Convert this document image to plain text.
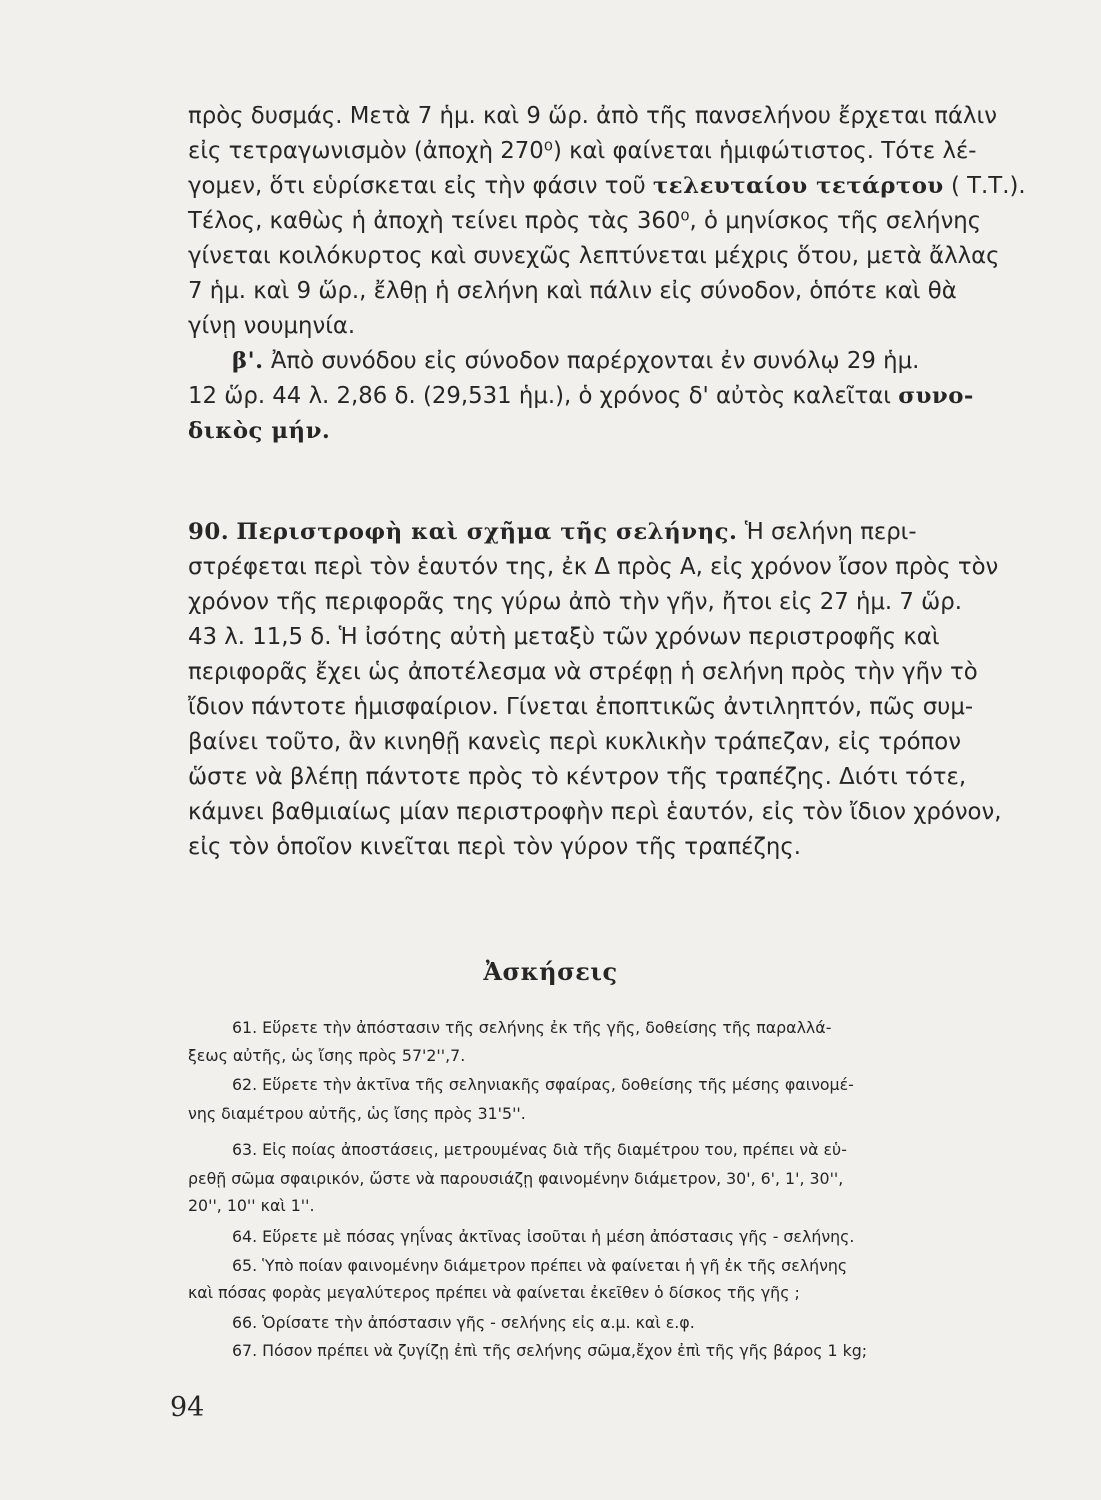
πρὸς δυσμάς. Μετὰ 7 ἡμ. καὶ 9 ὥρ. ἀπὸ τῆς πανσελήνου ἔρχεται πάλιν
εἰς τετραγωνισμὸν (ἀποχὴ 270⁰) καὶ φαίνεται ἡμιφώτιστος. Τότε λέ-
γομεν, ὅτι εὑρίσκεται εἰς τὴν φάσιν τοῦ τελευταίου τετάρτου ( Τ.Τ.).
Τέλος, καθὼς ἡ ἀποχὴ τείνει πρὸς τὰς 360⁰, ὁ μηνίσκος τῆς σελήνης
γίνεται κοιλόκυρτος καὶ συνεχῶς λεπτύνεται μέχρις ὅτου, μετὰ ἄλλας
7 ἡμ. καὶ 9 ὥρ., ἔλθῃ ἡ σελήνη καὶ πάλιν εἰς σύνοδον, ὁπότε καὶ θὰ
γίνῃ νουμηνία.
β'. Ἀπὸ συνόδου εἰς σύνοδον παρέρχονται ἐν συνόλῳ 29 ἡμ.
12 ὥρ. 44 λ. 2,86 δ. (29,531 ἡμ.), ὁ χρόνος δ' αὐτὸς καλεῖται συνο-
δικὸς μήν.
90. Περιστροφὴ καὶ σχῆμα τῆς σελήνης. Ἡ σελήνη περι-
στρέφεται περὶ τὸν ἑαυτόν της, ἐκ Δ πρὸς Α, εἰς χρόνον ἴσον πρὸς τὸν
χρόνον τῆς περιφορᾶς της γύρω ἀπὸ τὴν γῆν, ἤτοι εἰς 27 ἡμ. 7 ὥρ.
43 λ. 11,5 δ. Ἡ ἰσότης αὐτὴ μεταξὺ τῶν χρόνων περιστροφῆς καὶ
περιφορᾶς ἔχει ὡς ἀποτέλεσμα νὰ στρέφῃ ἡ σελήνη πρὸς τὴν γῆν τὸ
ἴδιον πάντοτε ἡμισφαίριον. Γίνεται ἐποπτικῶς ἀντιληπτόν, πῶς συμ-
βαίνει τοῦτο, ἂν κινηθῇ κανεὶς περὶ κυκλικὴν τράπεζαν, εἰς τρόπον
ὥστε νὰ βλέπῃ πάντοτε πρὸς τὸ κέντρον τῆς τραπέζης. Διότι τότε,
κάμνει βαθμιαίως μίαν περιστροφὴν περὶ ἑαυτόν, εἰς τὸν ἴδιον χρόνον,
εἰς τὸν ὁποῖον κινεῖται περὶ τὸν γύρον τῆς τραπέζης.
Ἀσκήσεις
61. Εὕρετε τὴν ἀπόστασιν τῆς σελήνης ἐκ τῆς γῆς, δοθείσης τῆς παραλλά-
ξεως αὐτῆς, ὡς ἴσης πρὸς 57'2'',7.
62. Εὕρετε τὴν ἀκτῖνα τῆς σεληνιακῆς σφαίρας, δοθείσης τῆς μέσης φαινομέ-
νης διαμέτρου αὐτῆς, ὡς ἴσης πρὸς 31'5''.
63. Εἰς ποίας ἀποστάσεις, μετρουμένας διὰ τῆς διαμέτρου του, πρέπει νὰ εὑ-
ρεθῇ σῶμα σφαιρικόν, ὥστε νὰ παρουσιάζῃ φαινομένην διάμετρον, 30', 6', 1', 30'',
20'', 10'' καὶ 1''.
64. Εὕρετε μὲ πόσας γηΐνας ἀκτῖνας ἰσοῦται ἡ μέση ἀπόστασις γῆς - σελήνης.
65. Ὑπὸ ποίαν φαινομένην διάμετρον πρέπει νὰ φαίνεται ἡ γῆ ἐκ τῆς σελήνης
καὶ πόσας φορὰς μεγαλύτερος πρέπει νὰ φαίνεται ἐκεῖθεν ὁ δίσκος τῆς γῆς ;
66. Ὁρίσατε τὴν ἀπόστασιν γῆς - σελήνης εἰς α.μ. καὶ ε.φ.
67. Πόσον πρέπει νὰ ζυγίζῃ ἐπὶ τῆς σελήνης σῶμα,ἔχον ἐπὶ τῆς γῆς βάρος 1 kg;
94
